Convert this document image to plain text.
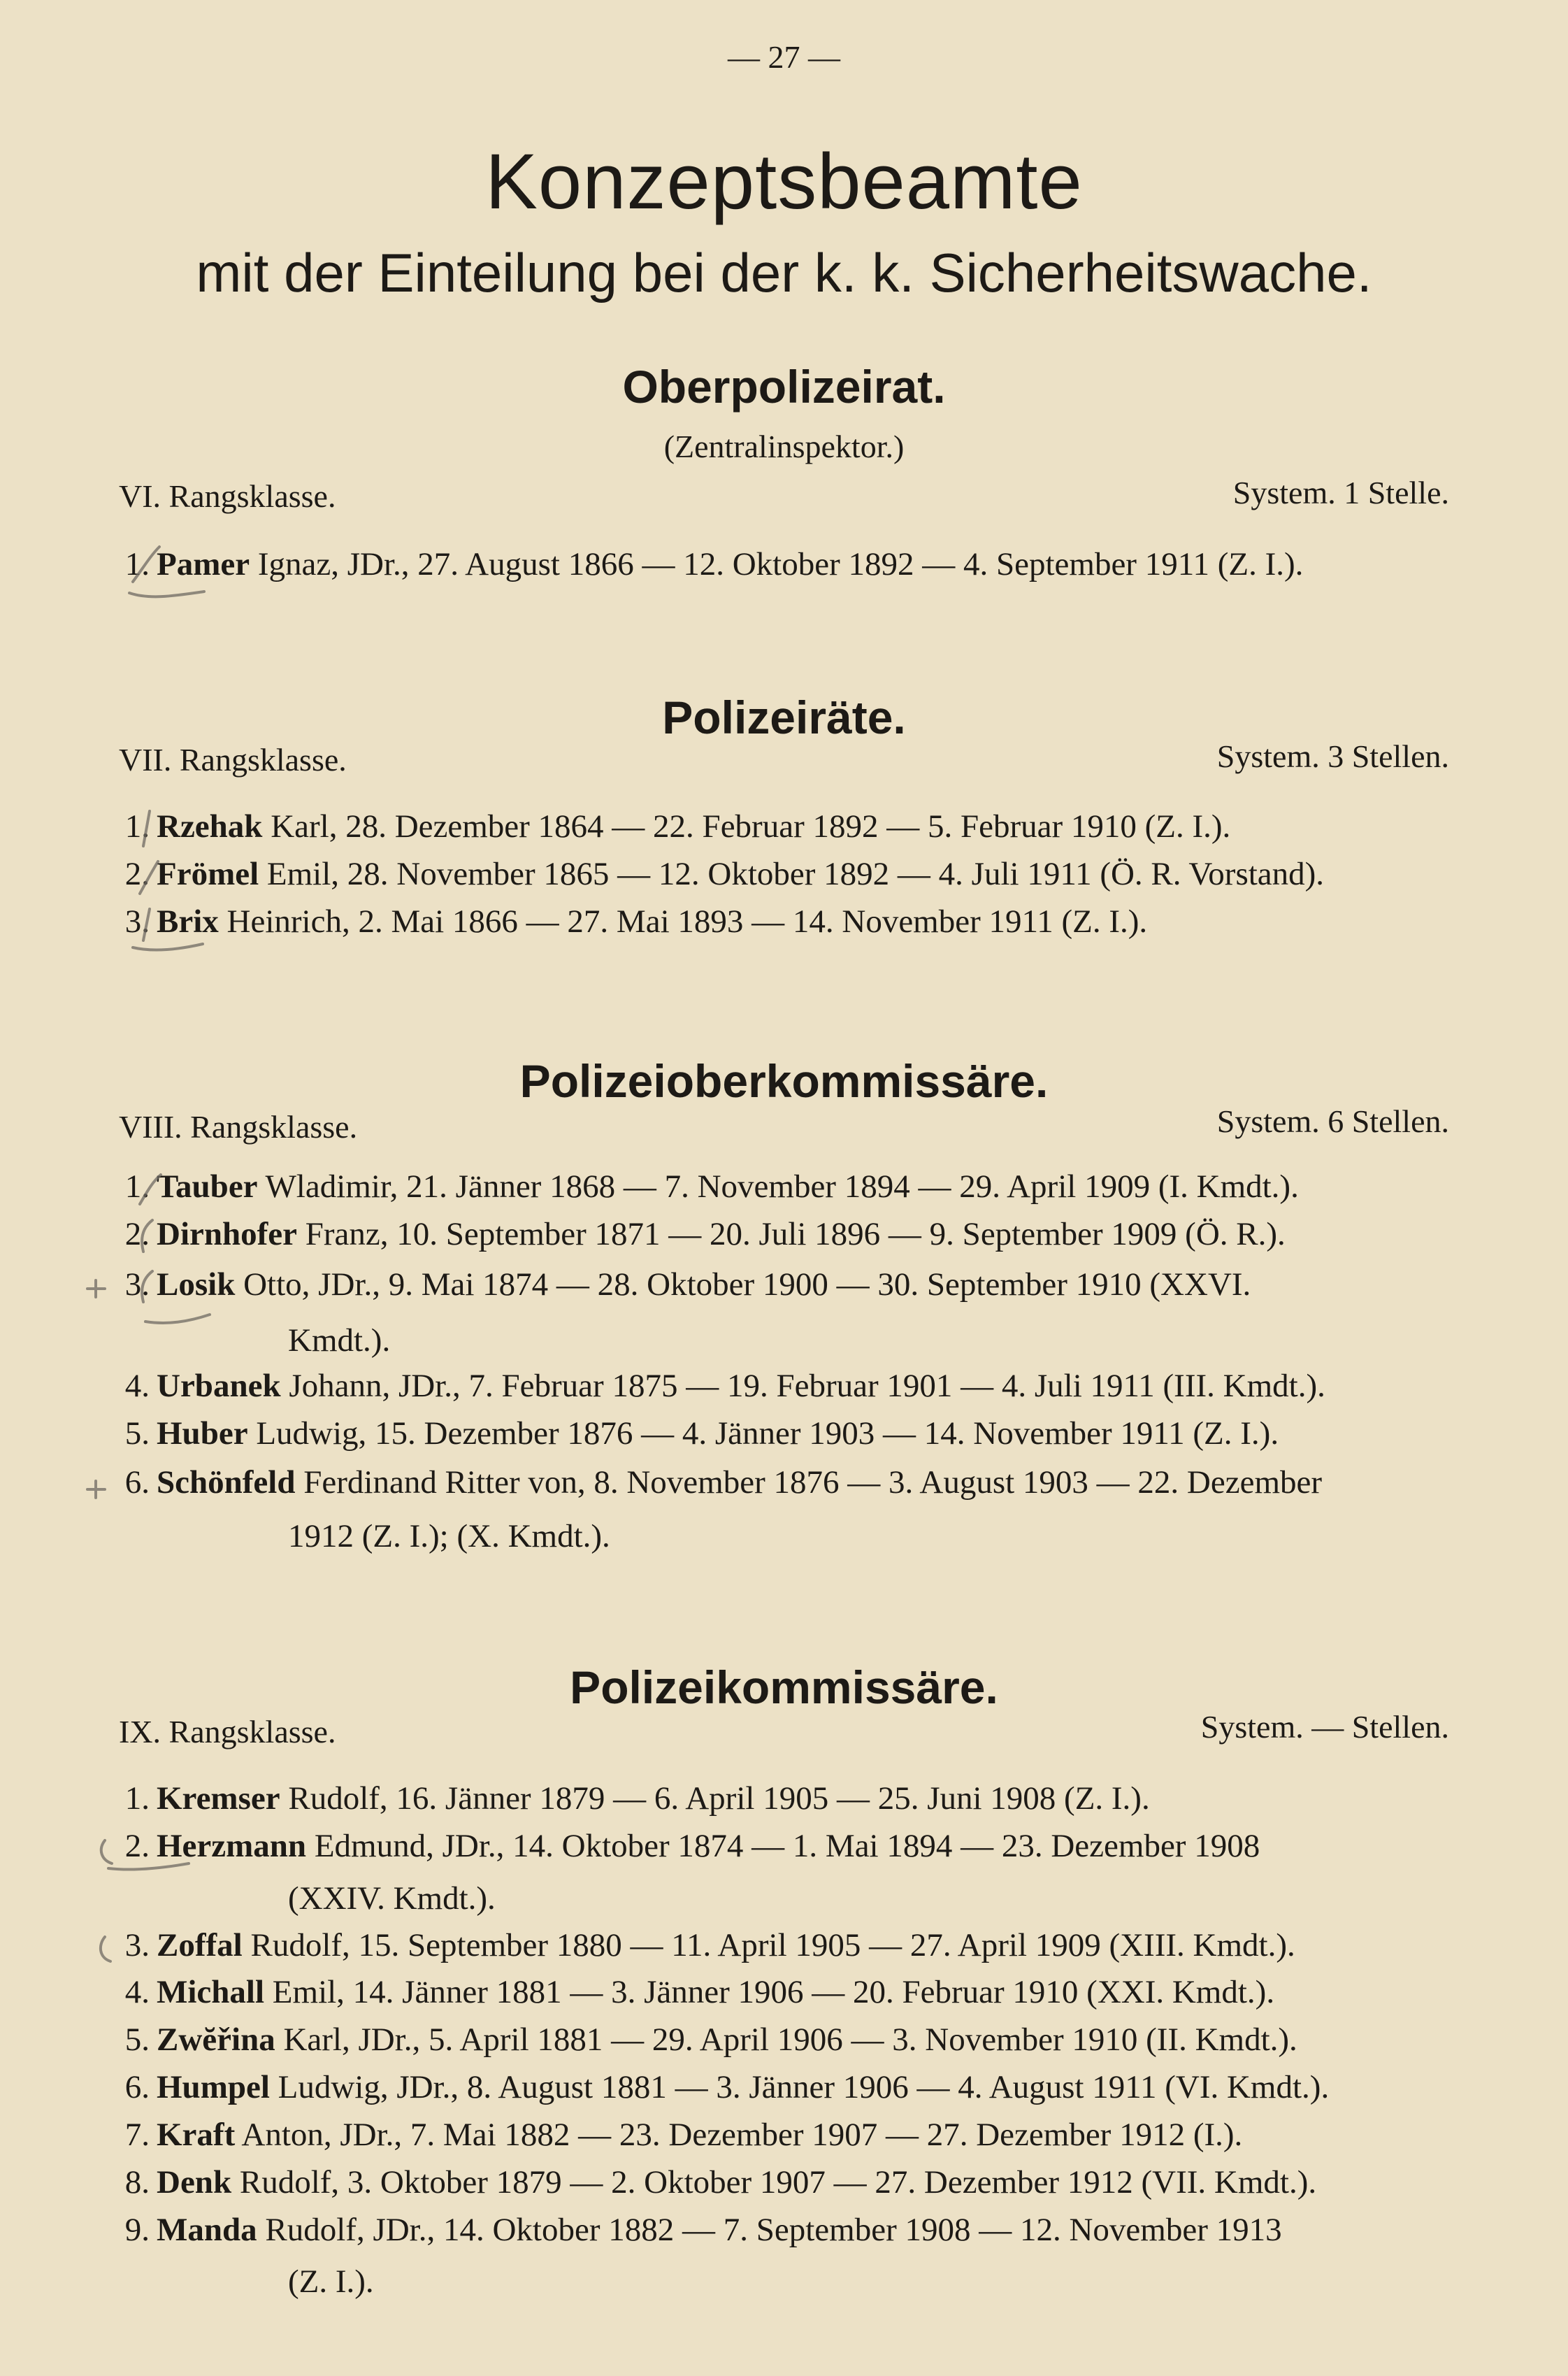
— 27 —
Konzeptsbeamte
mit der Einteilung bei der k. k. Sicherheitswache.
Oberpolizeirat.
(Zentralinspektor.)
VI. Rangsklasse.	System. 1 Stelle.
1. Pamer Ignaz, JDr., 27. August 1866 — 12. Oktober 1892 — 4. September 1911 (Z. I.).
Polizeiräte.
VII. Rangsklasse.	System. 3 Stellen.
1. Rzehak Karl, 28. Dezember 1864 — 22. Februar 1892 — 5. Februar 1910 (Z. I.).
2. Frömel Emil, 28. November 1865 — 12. Oktober 1892 — 4. Juli 1911 (Ö. R. Vorstand).
3. Brix Heinrich, 2. Mai 1866 — 27. Mai 1893 — 14. November 1911 (Z. I.).
Polizeioberkommissäre.
VIII. Rangsklasse.	System. 6 Stellen.
1. Tauber Wladimir, 21. Jänner 1868 — 7. November 1894 — 29. April 1909 (I. Kmdt.).
2. Dirnhofer Franz, 10. September 1871 — 20. Juli 1896 — 9. September 1909 (Ö. R.).
3. Losik Otto, JDr., 9. Mai 1874 — 28. Oktober 1900 — 30. September 1910 (XXVI.
Kmdt.).
4. Urbanek Johann, JDr., 7. Februar 1875 — 19. Februar 1901 — 4. Juli 1911 (III. Kmdt.).
5. Huber Ludwig, 15. Dezember 1876 — 4. Jänner 1903 — 14. November 1911 (Z. I.).
6. Schönfeld Ferdinand Ritter von, 8. November 1876 — 3. August 1903 — 22. Dezember
1912 (Z. I.); (X. Kmdt.).
Polizeikommissäre.
IX. Rangsklasse.	System. — Stellen.
1. Kremser Rudolf, 16. Jänner 1879 — 6. April 1905 — 25. Juni 1908 (Z. I.).
2. Herzmann Edmund, JDr., 14. Oktober 1874 — 1. Mai 1894 — 23. Dezember 1908
(XXIV. Kmdt.).
3. Zoffal Rudolf, 15. September 1880 — 11. April 1905 — 27. April 1909 (XIII. Kmdt.).
4. Michall Emil, 14. Jänner 1881 — 3. Jänner 1906 — 20. Februar 1910 (XXI. Kmdt.).
5. Zwĕřina Karl, JDr., 5. April 1881 — 29. April 1906 — 3. November 1910 (II. Kmdt.).
6. Humpel Ludwig, JDr., 8. August 1881 — 3. Jänner 1906 — 4. August 1911 (VI. Kmdt.).
7. Kraft Anton, JDr., 7. Mai 1882 — 23. Dezember 1907 — 27. Dezember 1912 (I.).
8. Denk Rudolf, 3. Oktober 1879 — 2. Oktober 1907 — 27. Dezember 1912 (VII. Kmdt.).
9. Manda Rudolf, JDr., 14. Oktober 1882 — 7. September 1908 — 12. November 1913
(Z. I.).
